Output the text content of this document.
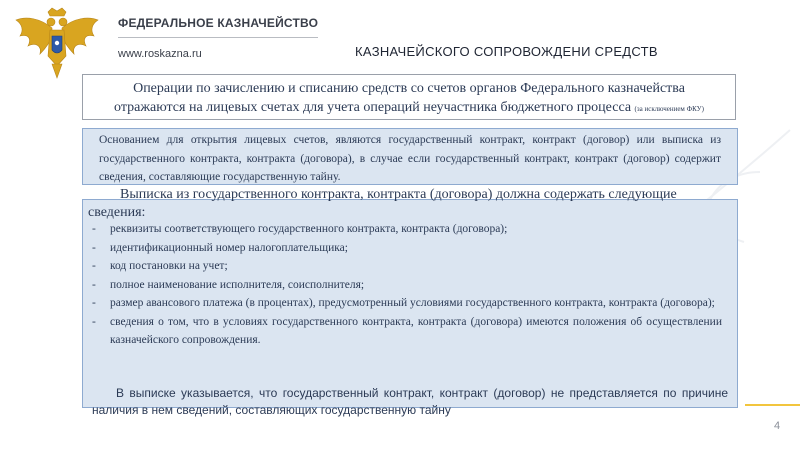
ФЕДЕРАЛЬНОЕ КАЗНАЧЕЙСТВО
www.roskazna.ru	КАЗНАЧЕЙСКОГО СОПРОВОЖДЕНИ СРЕДСТВ
Операции по зачислению и списанию средств со счетов органов Федерального казначейства
отражаются на лицевых счетах для учета операций неучастника бюджетного процесса (за исключением ФКУ)
Основанием для открытия лицевых счетов, являются государственный контракт, контракт (договор) или выписка из государственного контракта, контракта (договора), в случае если государственный контракт, контракт (договор) содержит сведения, составляющие государственную тайну.
Выписка из государственного контракта, контракта (договора) должна содержать следующие сведения:
- реквизиты соответствующего государственного контракта, контракта (договора);
- идентификационный номер налогоплательщика;
- код постановки на учет;
- полное наименование исполнителя, соисполнителя;
- размер авансового платежа (в процентах), предусмотренный условиями государственного контракта, контракта (договора);
- сведения о том, что в условиях государственного контракта, контракта (договора) имеются положения об осуществлении казначейского сопровождения.
В выписке указывается, что государственный контракт, контракт (договор) не представляется по причине наличия в нем сведений, составляющих государственную тайну
4
